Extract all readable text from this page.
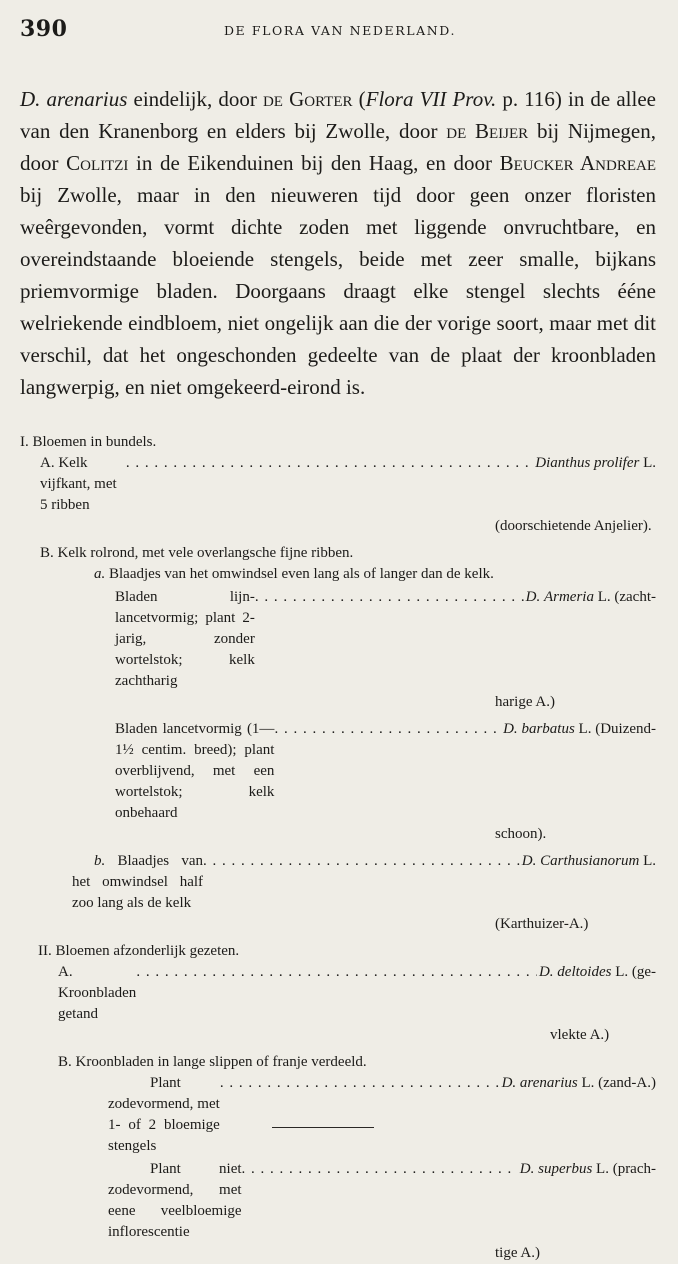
390	DE FLORA VAN NEDERLAND.

D. arenarius eindelijk, door de Gorter (Flora VII Prov. p. 116) in de allee van den Kranenborg en elders bij Zwolle, door de Beijer bij Nijmegen, door Colitzi in de Eikenduinen bij den Haag, en door Beucker Andreae bij Zwolle, maar in den nieuweren tijd door geen onzer floristen weêrgevonden, vormt dichte zoden met liggende onvruchtbare, en overeindstaande bloeiende stengels, beide met zeer smalle, bijkans priemvormige bladen. Doorgaans draagt elke stengel slechts ééne welriekende eindbloem, niet ongelijk aan die der vorige soort, maar met dit verschil, dat het ongeschonden gedeelte van de plaat der kroonbladen langwerpig, en niet omgekeerd-eirond is.

I. Bloemen in bundels.

A. Kelk vijfkant, met 5 ribben
. . .
Dianthus prolifer L.

(doorschietende Anjelier).

B. Kelk rolrond, met vele overlangsche fijne ribben.

a. Blaadjes van het omwindsel even lang als of langer dan de kelk.

Bladen lijn-lancetvormig; plant 2-jarig, zonder wortelstok; kelk zachtharig
. . .
D. Armeria L. (zacht-

harige A.)

Bladen lancetvormig (1—1½ centim. breed); plant overblijvend, met een wortelstok; kelk onbehaard
. . .
D. barbatus L. (Duizend-

schoon).

b. Blaadjes van het omwindsel half zoo lang als de kelk
. . .
D. Carthusianorum L.

(Karthuizer-A.)

II. Bloemen afzonderlijk gezeten.

A. Kroonbladen getand
. . .
D. deltoides L. (ge-

vlekte A.)

B. Kroonbladen in lange slippen of franje verdeeld.

Plant zodevormend, met 1- of 2 bloemige stengels
. . .
D. arenarius L. (zand-A.)
Plant niet zodevormend, met eene veelbloemige inflorescentie
. . .
D. superbus L. (prach-

tige A.)
